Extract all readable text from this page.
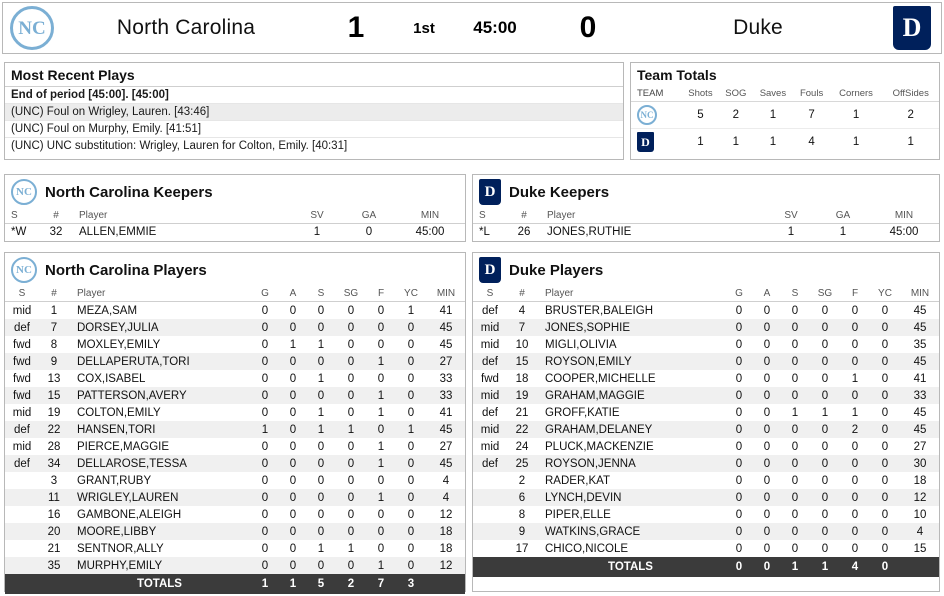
NC	North Carolina	1	1st	45:00	0	Duke	D
Most Recent Plays
End of period [45:00]. [45:00]
(UNC) Foul on Wrigley, Lauren. [43:46]
(UNC) Foul on Murphy, Emily. [41:51]
(UNC) UNC substitution: Wrigley, Lauren for Colton, Emily. [40:31]
Team Totals
TEAM	Shots	SOG	Saves	Fouls	Corners	OffSides

NC	5	2	1	7	1	2

D	1	1	1	4	1	1
NC North Carolina Keepers
S	#	Player	SV	GA	MIN
*W	32	ALLEN,EMMIE	1	0	45:00
D Duke Keepers
S	#	Player	SV	GA	MIN
*L	26	JONES,RUTHIE	1	1	45:00
NC North Carolina Players
S	#	Player	G	A	S	SG	F	YC	MIN
mid	1	MEZA,SAM	0	0	0	0	0	1	41
def	7	DORSEY,JULIA	0	0	0	0	0	0	45
fwd	8	MOXLEY,EMILY	0	1	1	0	0	0	45
fwd	9	DELLAPERUTA,TORI	0	0	0	0	1	0	27
fwd	13	COX,ISABEL	0	0	1	0	0	0	33
fwd	15	PATTERSON,AVERY	0	0	0	0	1	0	33
mid	19	COLTON,EMILY	0	0	1	0	1	0	41
def	22	HANSEN,TORI	1	0	1	1	0	1	45
mid	28	PIERCE,MAGGIE	0	0	0	0	1	0	27
def	34	DELLAROSE,TESSA	0	0	0	0	1	0	45
	3	GRANT,RUBY	0	0	0	0	0	0	4
	11	WRIGLEY,LAUREN	0	0	0	0	1	0	4
	16	GAMBONE,ALEIGH	0	0	0	0	0	0	12
	20	MOORE,LIBBY	0	0	0	0	0	0	18
	21	SENTNOR,ALLY	0	0	1	1	0	0	18
	35	MURPHY,EMILY	0	0	0	0	1	0	12
		TOTALS	1	1	5	2	7	3	
D Duke Players
S	#	Player	G	A	S	SG	F	YC	MIN
def	4	BRUSTER,BALEIGH	0	0	0	0	0	0	45
mid	7	JONES,SOPHIE	0	0	0	0	0	0	45
mid	10	MIGLI,OLIVIA	0	0	0	0	0	0	35
def	15	ROYSON,EMILY	0	0	0	0	0	0	45
fwd	18	COOPER,MICHELLE	0	0	0	0	1	0	41
mid	19	GRAHAM,MAGGIE	0	0	0	0	0	0	33
def	21	GROFF,KATIE	0	0	1	1	1	0	45
mid	22	GRAHAM,DELANEY	0	0	0	0	2	0	45
mid	24	PLUCK,MACKENZIE	0	0	0	0	0	0	27
def	25	ROYSON,JENNA	0	0	0	0	0	0	30
	2	RADER,KAT	0	0	0	0	0	0	18
	6	LYNCH,DEVIN	0	0	0	0	0	0	12
	8	PIPER,ELLE	0	0	0	0	0	0	10
	9	WATKINS,GRACE	0	0	0	0	0	0	4
	17	CHICO,NICOLE	0	0	0	0	0	0	15
		TOTALS	0	0	1	1	4	0	
